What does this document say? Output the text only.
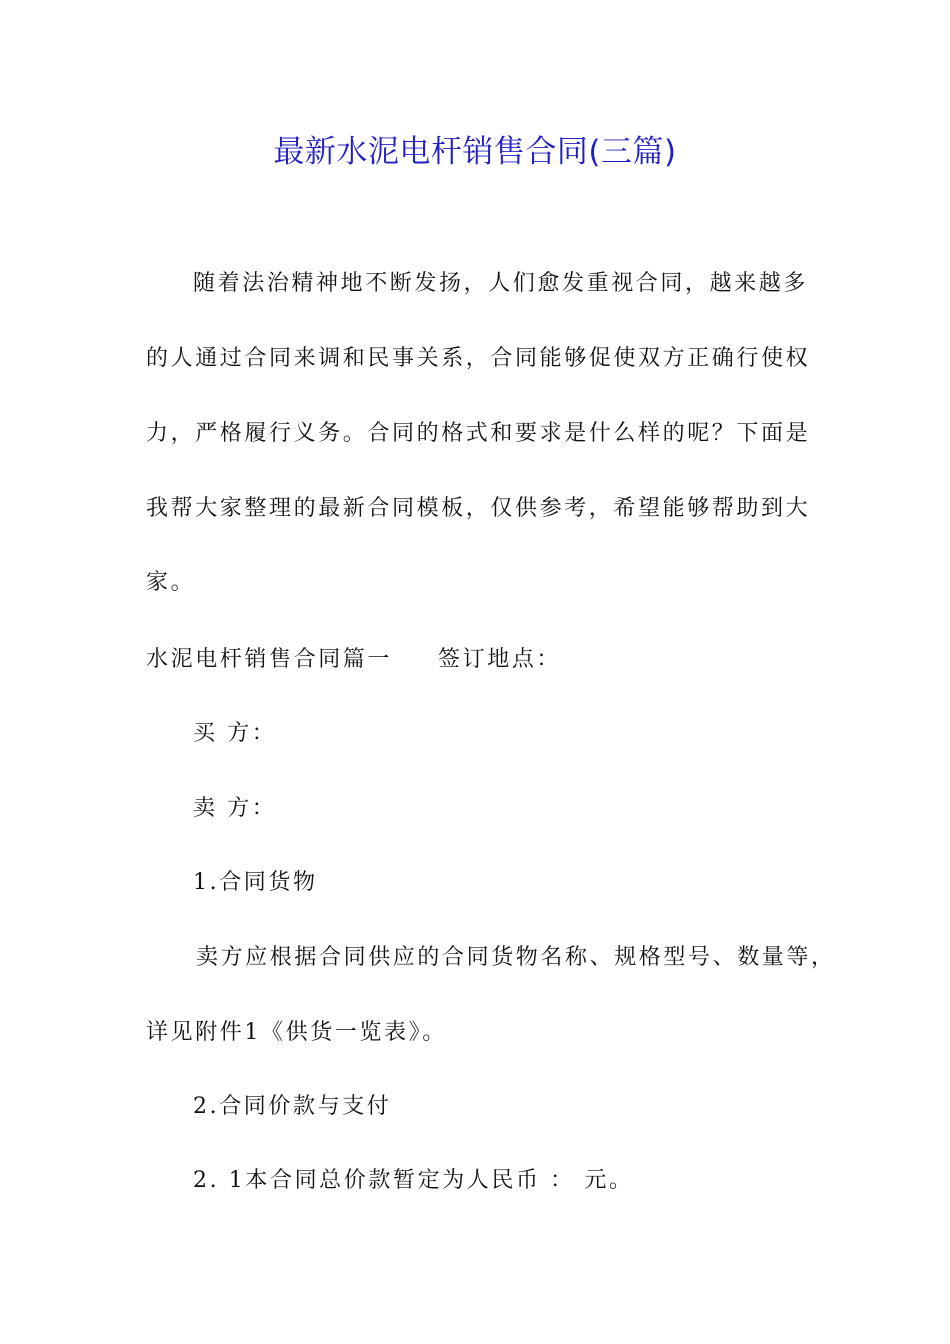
最新水泥电杆销售合同(三篇)

随着法治精神地不断发扬，人们愈发重视合同，越来越多

的人通过合同来调和民事关系，合同能够促使双方正确行使权

力，严格履行义务。合同的格式和要求是什么样的呢？下面是

我帮大家整理的最新合同模板，仅供参考，希望能够帮助到大

家。

水泥电杆销售合同篇一 签订地点：

买 方：

卖 方：

1.合同货物

卖方应根据合同供应的合同货物名称、规格型号、数量等，

详见附件1《供货一览表》。

2.合同价款与支付

2. 1本合同总价款暂定为人民币 ： 元。
